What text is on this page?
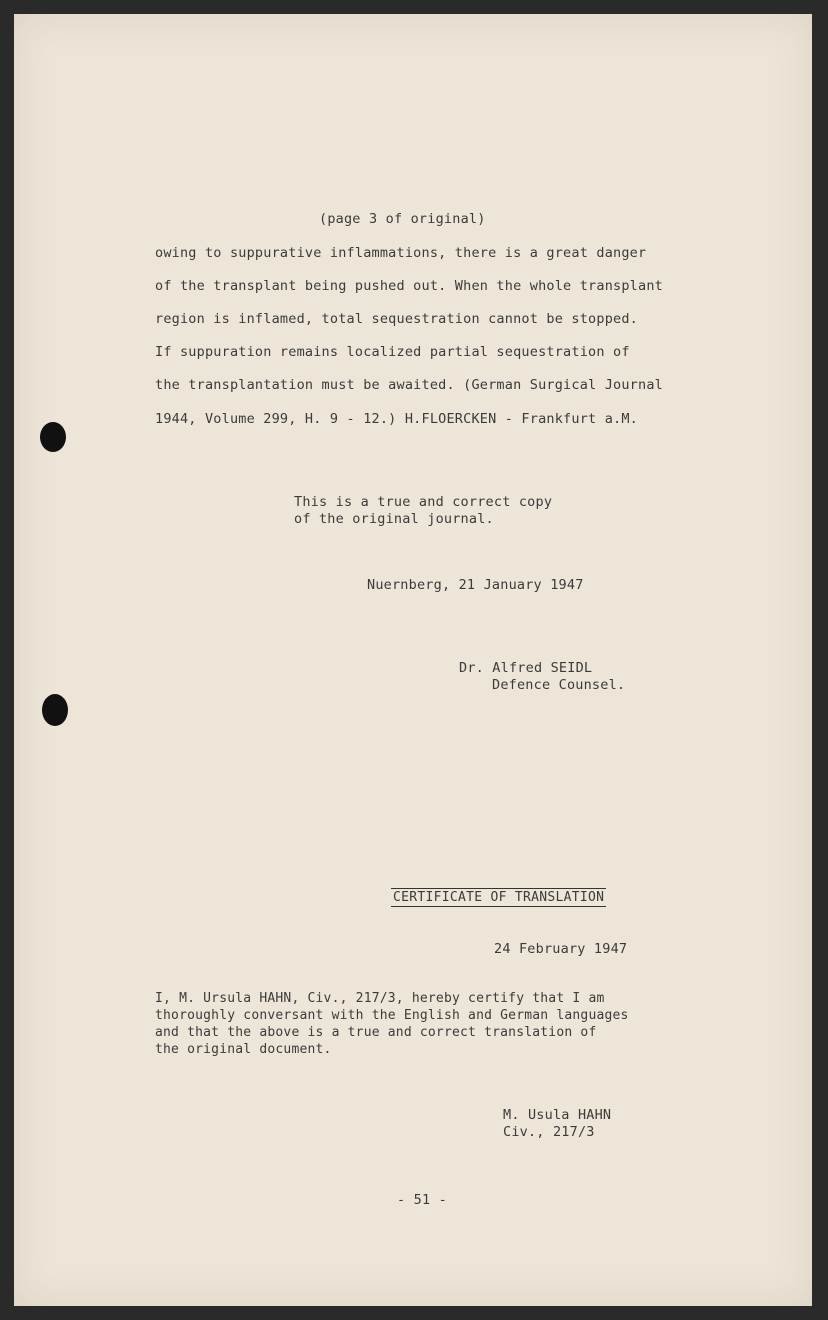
(page 3 of original)
owing to suppurative inflammations, there is a great danger
of the transplant being pushed out. When the whole transplant
region is inflamed, total sequestration cannot be stopped.
If suppuration remains localized partial sequestration of
the transplantation must be awaited. (German Surgical Journal
1944, Volume 299, H. 9 - 12.) H.FLOERCKEN - Frankfurt a.M.
This is a true and correct copy
of the original journal.
Nuernberg, 21 January 1947
Dr. Alfred SEIDL
Defence Counsel.
CERTIFICATE OF TRANSLATION
24 February 1947
I, M. Ursula HAHN, Civ., 217/3, hereby certify that I am
thoroughly conversant with the English and German languages
and that the above is a true and correct translation of
the original document.
M. Usula HAHN
Civ., 217/3
- 51 -
